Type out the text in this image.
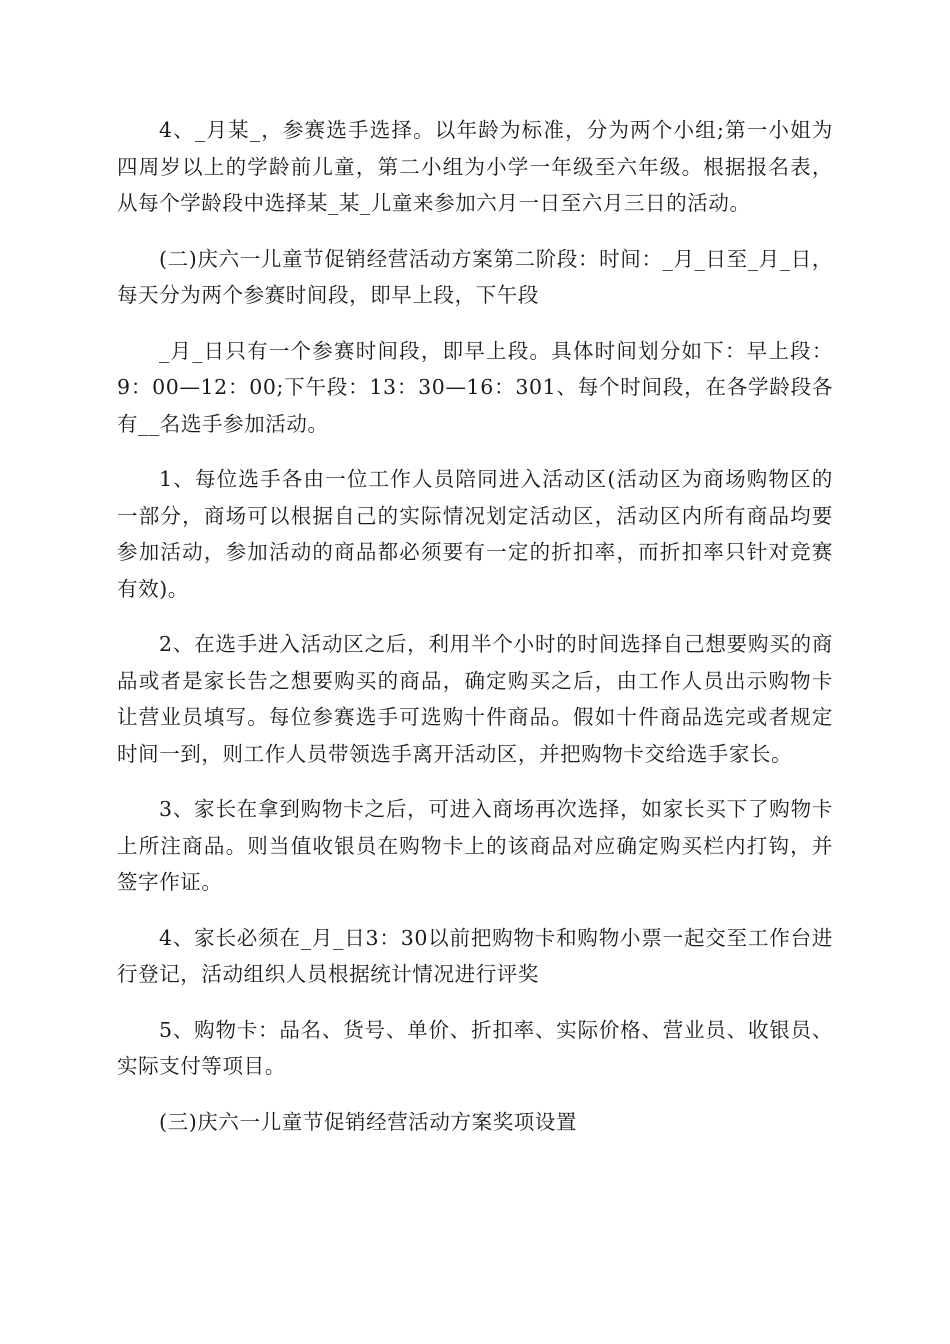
4、_月某_，参赛选手选择。以年龄为标准，分为两个小组;第一小姐为四周岁以上的学龄前儿童，第二小组为小学一年级至六年级。根据报名表，从每个学龄段中选择某_某_儿童来参加六月一日至六月三日的活动。

(二)庆六一儿童节促销经营活动方案第二阶段：时间：_月_日至_月_日，每天分为两个参赛时间段，即早上段，下午段

_月_日只有一个参赛时间段，即早上段。具体时间划分如下：早上段：9：00—12：00;下午段：13：30—16：301、每个时间段，在各学龄段各有__名选手参加活动。

1、每位选手各由一位工作人员陪同进入活动区(活动区为商场购物区的一部分，商场可以根据自己的实际情况划定活动区，活动区内所有商品均要参加活动，参加活动的商品都必须要有一定的折扣率，而折扣率只针对竞赛有效)。

2、在选手进入活动区之后，利用半个小时的时间选择自己想要购买的商品或者是家长告之想要购买的商品，确定购买之后，由工作人员出示购物卡让营业员填写。每位参赛选手可选购十件商品。假如十件商品选完或者规定时间一到，则工作人员带领选手离开活动区，并把购物卡交给选手家长。

3、家长在拿到购物卡之后，可进入商场再次选择，如家长买下了购物卡上所注商品。则当值收银员在购物卡上的该商品对应确定购买栏内打钩，并签字作证。

4、家长必须在_月_日3：30以前把购物卡和购物小票一起交至工作台进行登记，活动组织人员根据统计情况进行评奖

5、购物卡：品名、货号、单价、折扣率、实际价格、营业员、收银员、实际支付等项目。

(三)庆六一儿童节促销经营活动方案奖项设置
